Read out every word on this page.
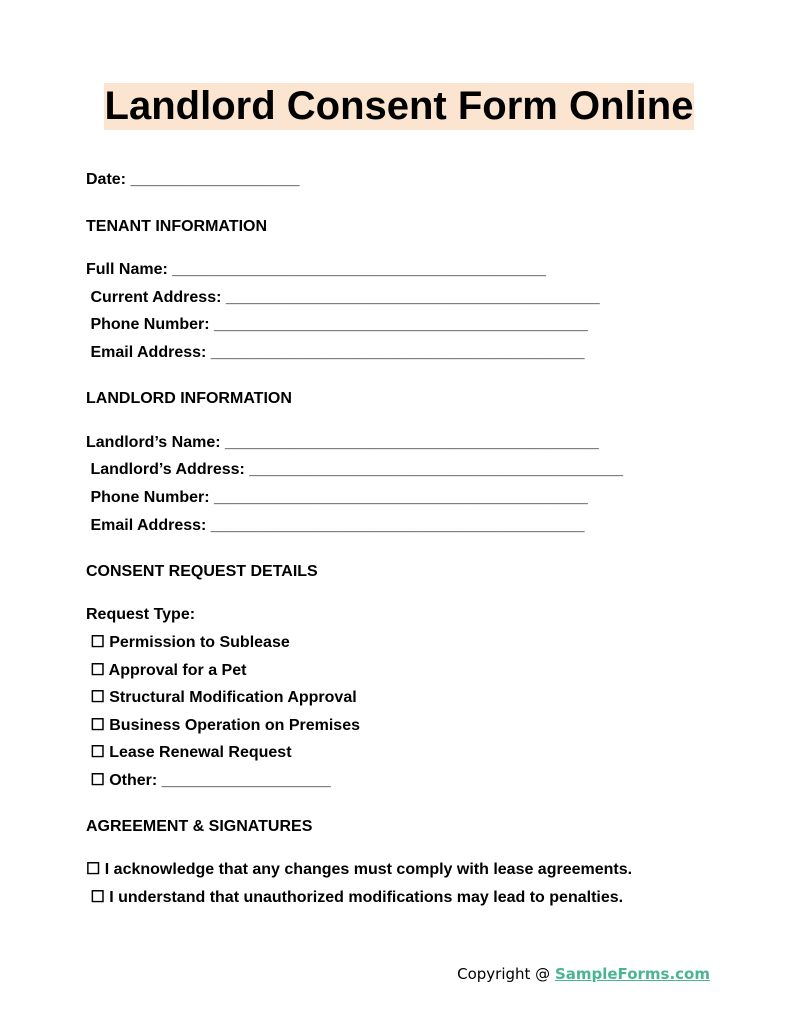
Landlord Consent Form Online
Date: ___________________
TENANT INFORMATION
Full Name: __________________________________________
Current Address: __________________________________________
Phone Number: __________________________________________
Email Address: __________________________________________
LANDLORD INFORMATION
Landlord’s Name: __________________________________________
Landlord’s Address: __________________________________________
Phone Number: __________________________________________
Email Address: __________________________________________
CONSENT REQUEST DETAILS
Request Type:
☐ Permission to Sublease
☐ Approval for a Pet
☐ Structural Modification Approval
☐ Business Operation on Premises
☐ Lease Renewal Request
☐ Other: ___________________
AGREEMENT & SIGNATURES
☐ I acknowledge that any changes must comply with lease agreements.
☐ I understand that unauthorized modifications may lead to penalties.
Copyright @ SampleForms.com
